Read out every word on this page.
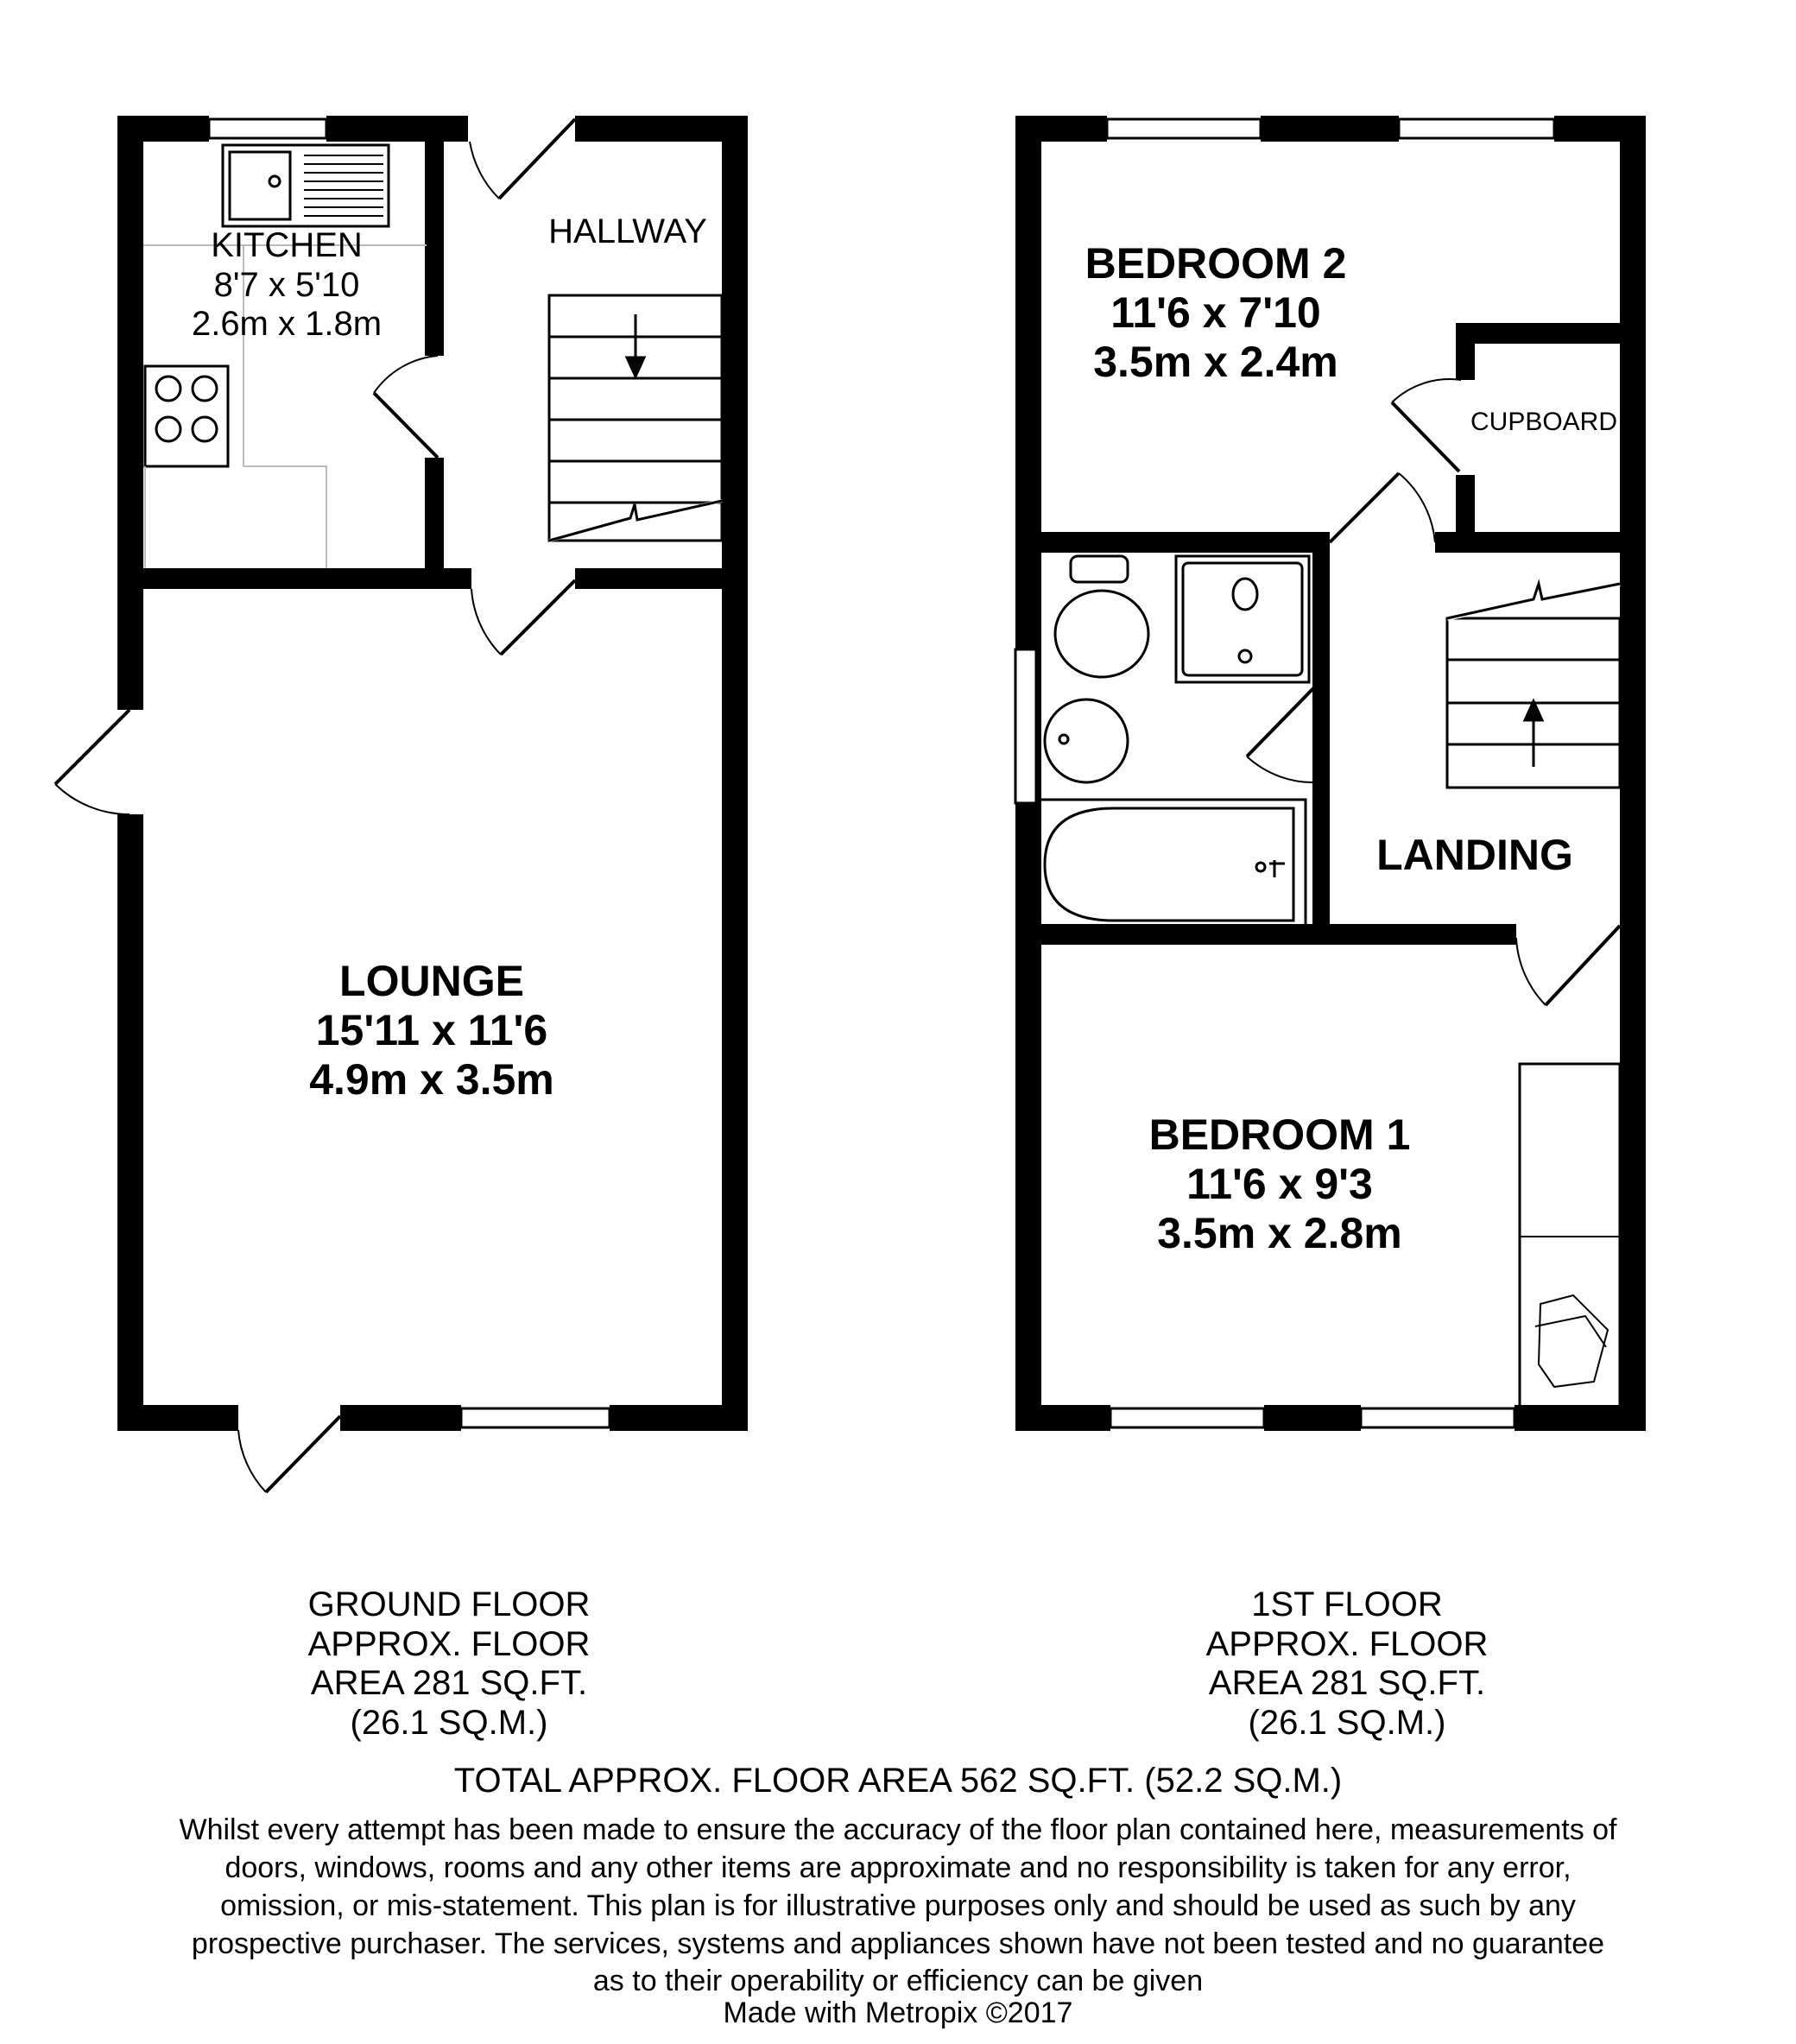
KITCHEN
8'7 x 5'10
2.6m x 1.8m
HALLWAY
LOUNGE
15'11 x 11'6
4.9m x 3.5m
BEDROOM 2
11'6 x 7'10
3.5m x 2.4m
CUPBOARD
LANDING
BEDROOM 1
11'6 x 9'3
3.5m x 2.8m
GROUND FLOOR
APPROX. FLOOR
AREA 281 SQ.FT.
(26.1 SQ.M.)
1ST FLOOR
APPROX. FLOOR
AREA 281 SQ.FT.
(26.1 SQ.M.)
TOTAL APPROX. FLOOR AREA 562 SQ.FT. (52.2 SQ.M.)
Whilst every attempt has been made to ensure the accuracy of the floor plan contained here, measurements of doors, windows, rooms and any other items are approximate and no responsibility is taken for any error, omission, or mis-statement. This plan is for illustrative purposes only and should be used as such by any prospective purchaser. The services, systems and appliances shown have not been tested and no guarantee as to their operability or efficiency can be given
Made with Metropix ©2017
